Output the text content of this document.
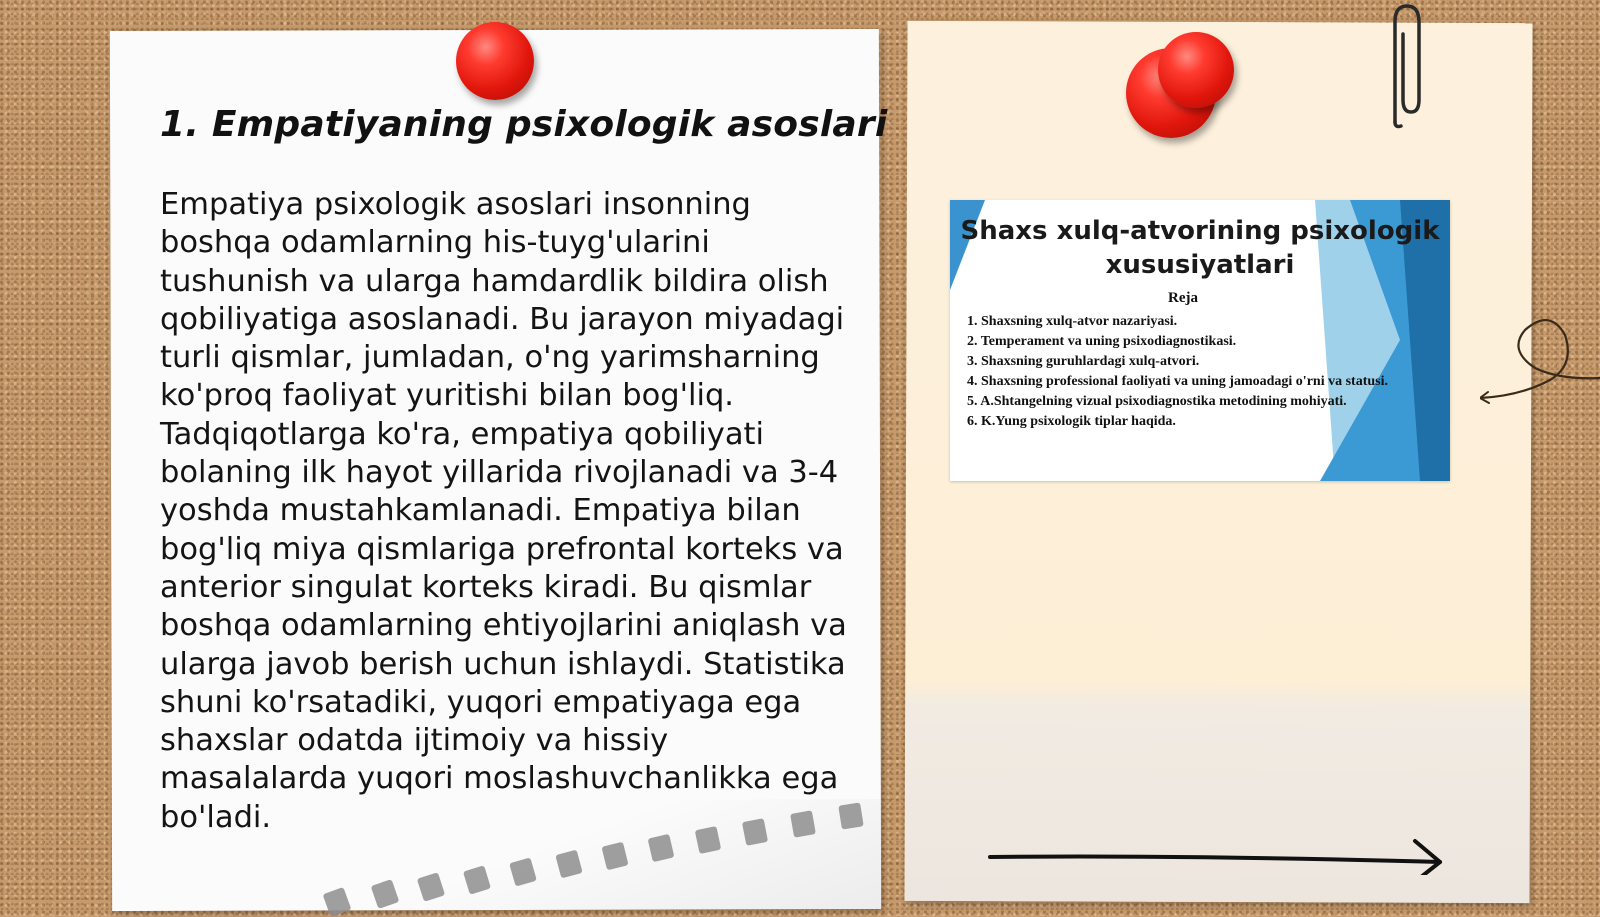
1. Empatiyaning psixologik asoslari

Empatiya psixologik asoslari insonning boshqa odamlarning his-tuyg'ularini tushunish va ularga hamdardlik bildira olish qobiliyatiga asoslanadi. Bu jarayon miyadagi turli qismlar, jumladan, o'ng yarimsharning ko'proq faoliyat yuritishi bilan bog'liq. Tadqiqotlarga ko'ra, empatiya qobiliyati bolaning ilk hayot yillarida rivojlanadi va 3-4 yoshda mustahkamlanadi. Empatiya bilan bog'liq miya qismlariga prefrontal korteks va anterior singulat korteks kiradi. Bu qismlar boshqa odamlarning ehtiyojlarini aniqlash va ularga javob berish uchun ishlaydi. Statistika shuni ko'rsatadiki, yuqori empatiyaga ega shaxslar odatda ijtimoiy va hissiy masalalarda yuqori moslashuvchanlikka ega bo'ladi.

Shaxs xulq-atvorining psixologik xususiyatlari
Reja
1. Shaxsning xulq-atvor nazariyasi.
2. Temperament va uning psixodiagnostikasi.
3. Shaxsning guruhlardagi xulq-atvori.
4. Shaxsning professional faoliyati va uning jamoadagi o'rni va statusi.
5. A.Shtangelning vizual psixodiagnostika metodining mohiyati.
6. K.Yung psixologik tiplar haqida.
